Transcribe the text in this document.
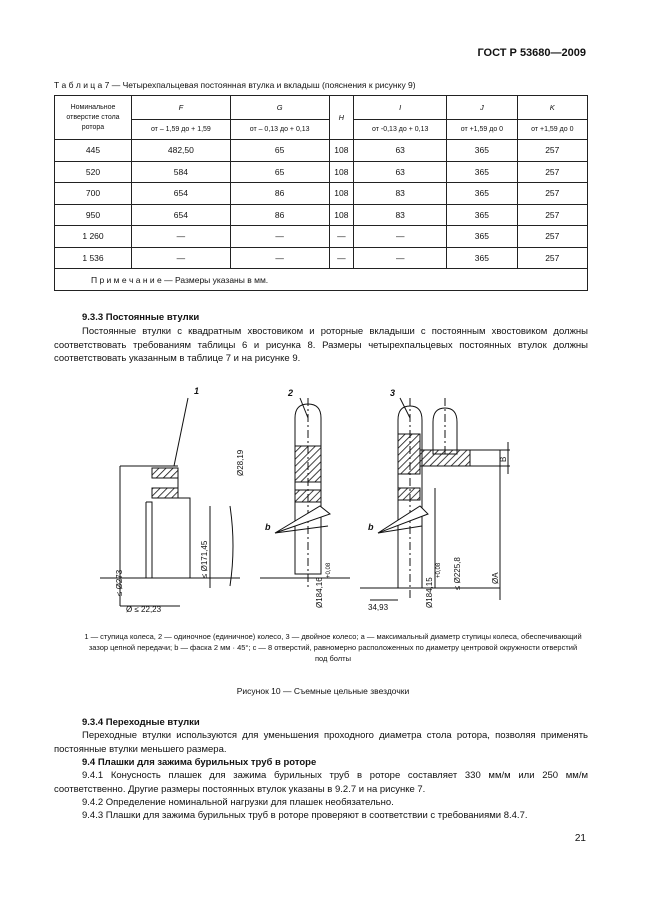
ГОСТ Р 53680—2009
Т а б л и ц а 7 — Четырехпальцевая постоянная втулка и вкладыш (пояснения к рисунку 9)
Номинальное отверстие стола ротора	F	G	H	I	J	K
	от – 1,59 до + 1,59	от – 0,13 до + 0,13		от -0,13 до + 0,13	от +1,59 до 0	от +1,59 до 0
445	482,50	65	108	63	365	257
520	584	65	108	63	365	257
700	654	86	108	83	365	257
950	654	86	108	83	365	257
1 260	—	—	—	—	365	257
1 536	—	—	—	—	365	257
П р и м е ч а н и е — Размеры указаны в мм.						
9.3.3 Постоянные втулки
Постоянные втулки с квадратным хвостовиком и роторные вкладыши с постоянным хвостовиком должны соответствовать требованиям таблицы 6 и рисунка 8. Размеры четырехпальцевых постоянных втулок должны соответствовать указанным в таблице 7 и на рисунке 9.
1	2	3
b	b
≤ Ø273
Ø ≤ 22,23
≤ Ø171,45
Ø28,19
Ø184,16
+0,08
34,93	Ø184,15
+0,08 ≤ Ø225,8	ØA
B
1 — ступица колеса, 2 — одиночное (единичное) колесо, 3 — двойное колесо; a — максимальный диаметр ступицы колеса, обеспечивающий зазор цепной передачи; b — фаска 2 мм · 45°; c — 8 отверстий, равномерно расположенных по диаметру центровой окружности отверстий под болты
Рисунок 10 — Съемные цельные звездочки
9.3.4 Переходные втулки
Переходные втулки используются для уменьшения проходного диаметра стола ротора, позволяя применять постоянные втулки меньшего размера.
9.4 Плашки для зажима бурильных труб в роторе
9.4.1 Конусность плашек для зажима бурильных труб в роторе составляет 330 мм/м или 250 мм/м соответственно. Другие размеры постоянных втулок указаны в 9.2.7 и на рисунке 7.
9.4.2 Определение номинальной нагрузки для плашек необязательно.
9.4.3 Плашки для зажима бурильных труб в роторе проверяют в соответствии с требованиями 8.4.7.
21
